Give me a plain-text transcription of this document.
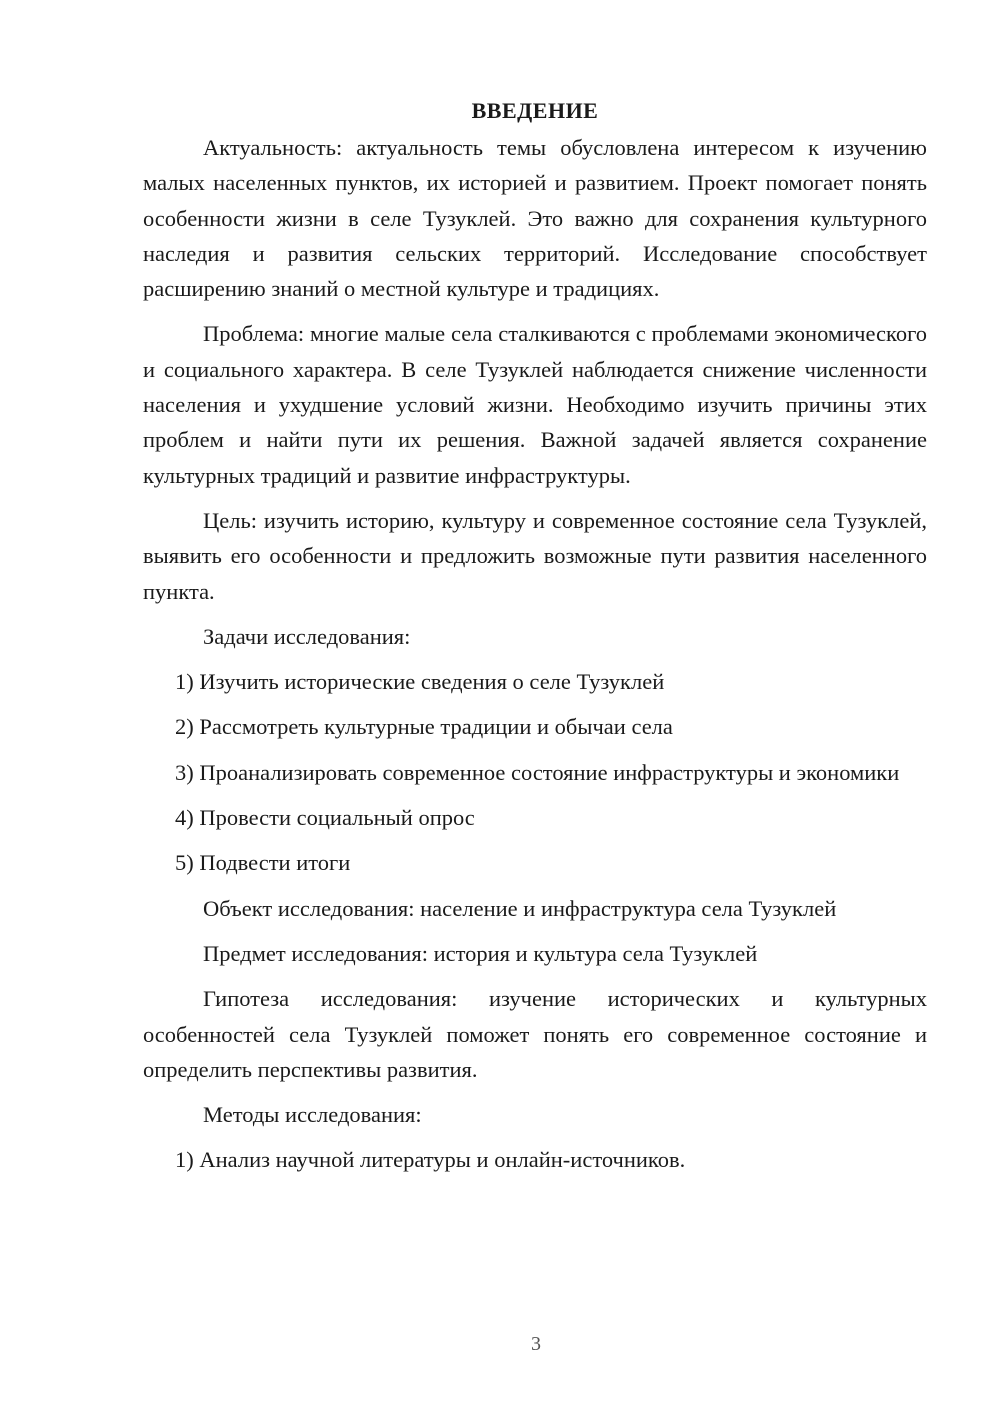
ВВЕДЕНИЕ

Актуальность: актуальность темы обусловлена интересом к изучению малых населенных пунктов, их историей и развитием. Проект помогает понять особенности жизни в селе Тузуклей. Это важно для сохранения культурного наследия и развития сельских территорий. Исследование способствует расширению знаний о местной культуре и традициях.

Проблема: многие малые села сталкиваются с проблемами экономического и социального характера. В селе Тузуклей наблюдается снижение численности населения и ухудшение условий жизни. Необходимо изучить причины этих проблем и найти пути их решения. Важной задачей является сохранение культурных традиций и развитие инфраструктуры.

Цель: изучить историю, культуру и современное состояние села Тузуклей, выявить его особенности и предложить возможные пути развития населенного пункта.

Задачи исследования:

1) Изучить исторические сведения о селе Тузуклей

2) Рассмотреть культурные традиции и обычаи села

3) Проанализировать современное состояние инфраструктуры и экономики

4) Провести социальный опрос

5) Подвести итоги

Объект исследования: население и инфраструктура села Тузуклей

Предмет исследования: история и культура села Тузуклей

Гипотеза исследования: изучение исторических и культурных особенностей села Тузуклей поможет понять его современное состояние и определить перспективы развития.

Методы исследования:

1) Анализ научной литературы и онлайн-источников.

3
